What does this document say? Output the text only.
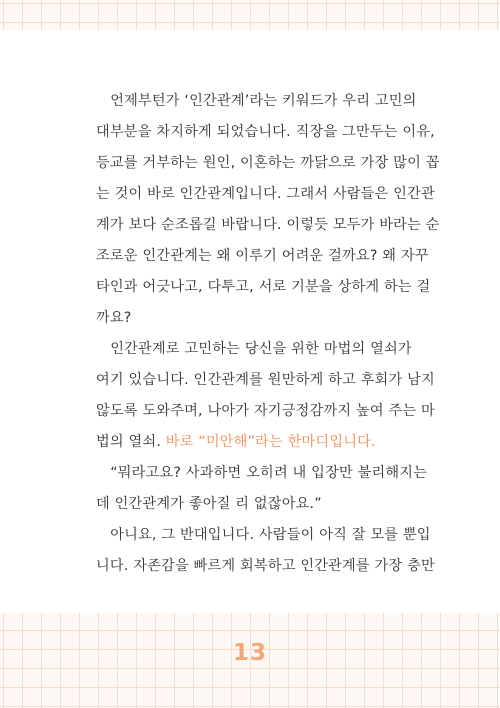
언제부턴가 ‘인간관계’라는 키워드가 우리 고민의
대부분을 차지하게 되었습니다. 직장을 그만두는 이유,
등교를 거부하는 원인, 이혼하는 까닭으로 가장 많이 꼽
는 것이 바로 인간관계입니다. 그래서 사람들은 인간관
계가 보다 순조롭길 바랍니다. 이렇듯 모두가 바라는 순
조로운 인간관계는 왜 이루기 어려운 걸까요? 왜 자꾸
타인과 어긋나고, 다투고, 서로 기분을 상하게 하는 걸
까요?

인간관계로 고민하는 당신을 위한 마법의 열쇠가
여기 있습니다. 인간관계를 원만하게 하고 후회가 남지
않도록 도와주며, 나아가 자기긍정감까지 높여 주는 마
법의 열쇠. 바로 “미안해”라는 한마디입니다.

“뭐라고요? 사과하면 오히려 내 입장만 불리해지는
데 인간관계가 좋아질 리 없잖아요.”

아니요, 그 반대입니다. 사람들이 아직 잘 모를 뿐입
니다. 자존감을 빠르게 회복하고 인간관계를 가장 충만

13
